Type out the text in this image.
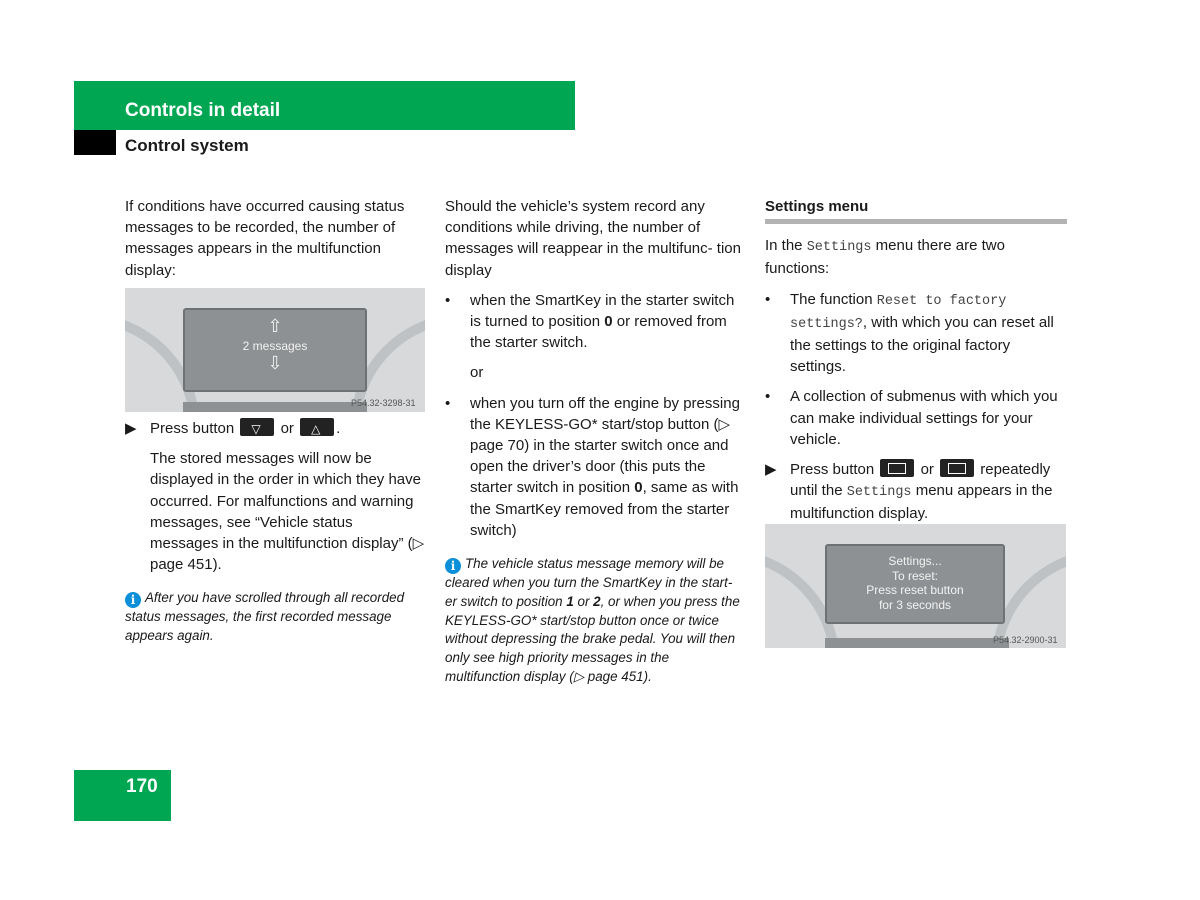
Controls in detail
Control system

If conditions have occurred causing status messages to be recorded, the number of messages appears in the multifunction display:

⇧
2 messages
⇩
P54.32-3298-31

▶ Press button ▽ or △ .

The stored messages will now be displayed in the order in which they have occurred. For malfunctions and warning messages, see “Vehicle status messages in the multifunction display” (▷ page 451).

i After you have scrolled through all recorded status messages, the first recorded message appears again.

Should the vehicle’s system record any conditions while driving, the number of messages will reappear in the multifunc- tion display

• when the SmartKey in the starter switch is turned to position 0 or removed from the starter switch.

or

• when you turn off the engine by pressing the KEYLESS-GO* start/stop button (▷ page 70) in the starter switch once and open the driver’s door (this puts the starter switch in position 0, same as with the SmartKey removed from the starter switch)

i The vehicle status message memory will be cleared when you turn the SmartKey in the start- er switch to position 1 or 2, or when you press the KEYLESS-GO* start/stop button once or twice without depressing the brake pedal. You will then only see high priority messages in the multifunction display (▷ page 451).

Settings menu

In the Settings menu there are two functions:

• The function Reset to factory settings?, with which you can reset all the settings to the original factory settings.

• A collection of submenus with which you can make individual settings for your vehicle.

▶ Press button	or	repeatedly until the Settings menu appears in the multifunction display.

Settings...
To reset:
Press reset button
for 3 seconds
P54.32-2900-31
170
